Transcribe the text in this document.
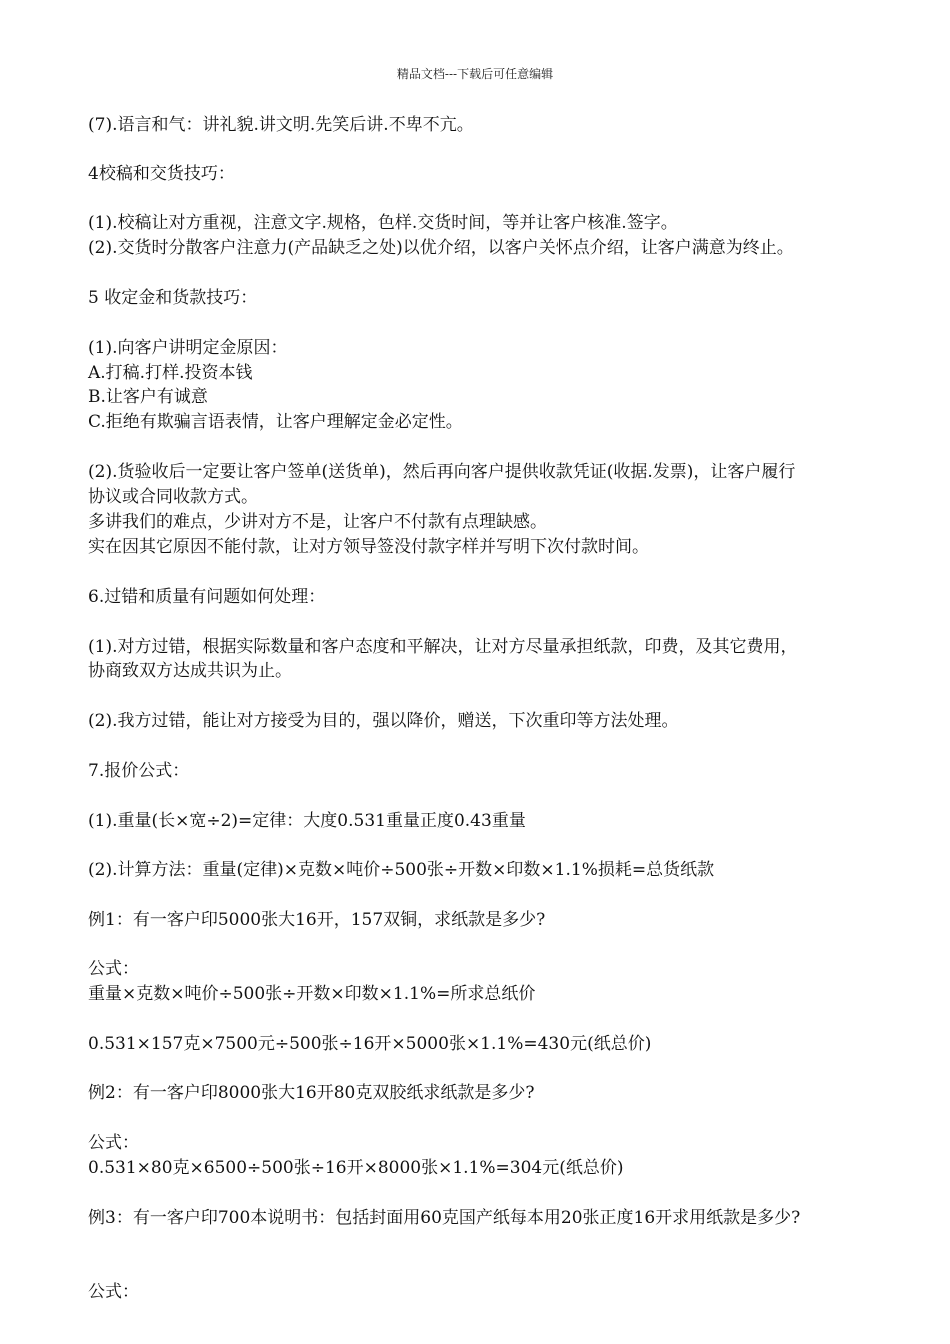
精品文档---下载后可任意编辑
(7).语言和气：讲礼貌.讲文明.先笑后讲.不卑不亢。
4校稿和交货技巧：
(1).校稿让对方重视，注意文字.规格，色样.交货时间，等并让客户核准.签字。
(2).交货时分散客户注意力(产品缺乏之处)以优介绍，以客户关怀点介绍，让客户满意为终止。
5 收定金和货款技巧：
(1).向客户讲明定金原因：
A.打稿.打样.投资本钱
B.让客户有诚意
C.拒绝有欺骗言语表情，让客户理解定金必定性。
(2).货验收后一定要让客户签单(送货单)，然后再向客户提供收款凭证(收据.发票)，让客户履行
协议或合同收款方式。
多讲我们的难点，少讲对方不是，让客户不付款有点理缺感。
实在因其它原因不能付款，让对方领导签没付款字样并写明下次付款时间。
6.过错和质量有问题如何处理：
(1).对方过错，根据实际数量和客户态度和平解决，让对方尽量承担纸款，印费，及其它费用，
协商致双方达成共识为止。
(2).我方过错，能让对方接受为目的，强以降价，赠送，下次重印等方法处理。
7.报价公式：
(1).重量(长×宽÷2)=定律：大度0.531重量正度0.43重量
(2).计算方法：重量(定律)×克数×吨价÷500张÷开数×印数×1.1%损耗=总货纸款
例1：有一客户印5000张大16开，157双铜，求纸款是多少?
公式：
重量×克数×吨价÷500张÷开数×印数×1.1%=所求总纸价
0.531×157克×7500元÷500张÷16开×5000张×1.1%=430元(纸总价)
例2：有一客户印8000张大16开80克双胶纸求纸款是多少?
公式：
0.531×80克×6500÷500张÷16开×8000张×1.1%=304元(纸总价)
例3：有一客户印700本说明书：包括封面用60克国产纸每本用20张正度16开求用纸款是多少?
公式：
